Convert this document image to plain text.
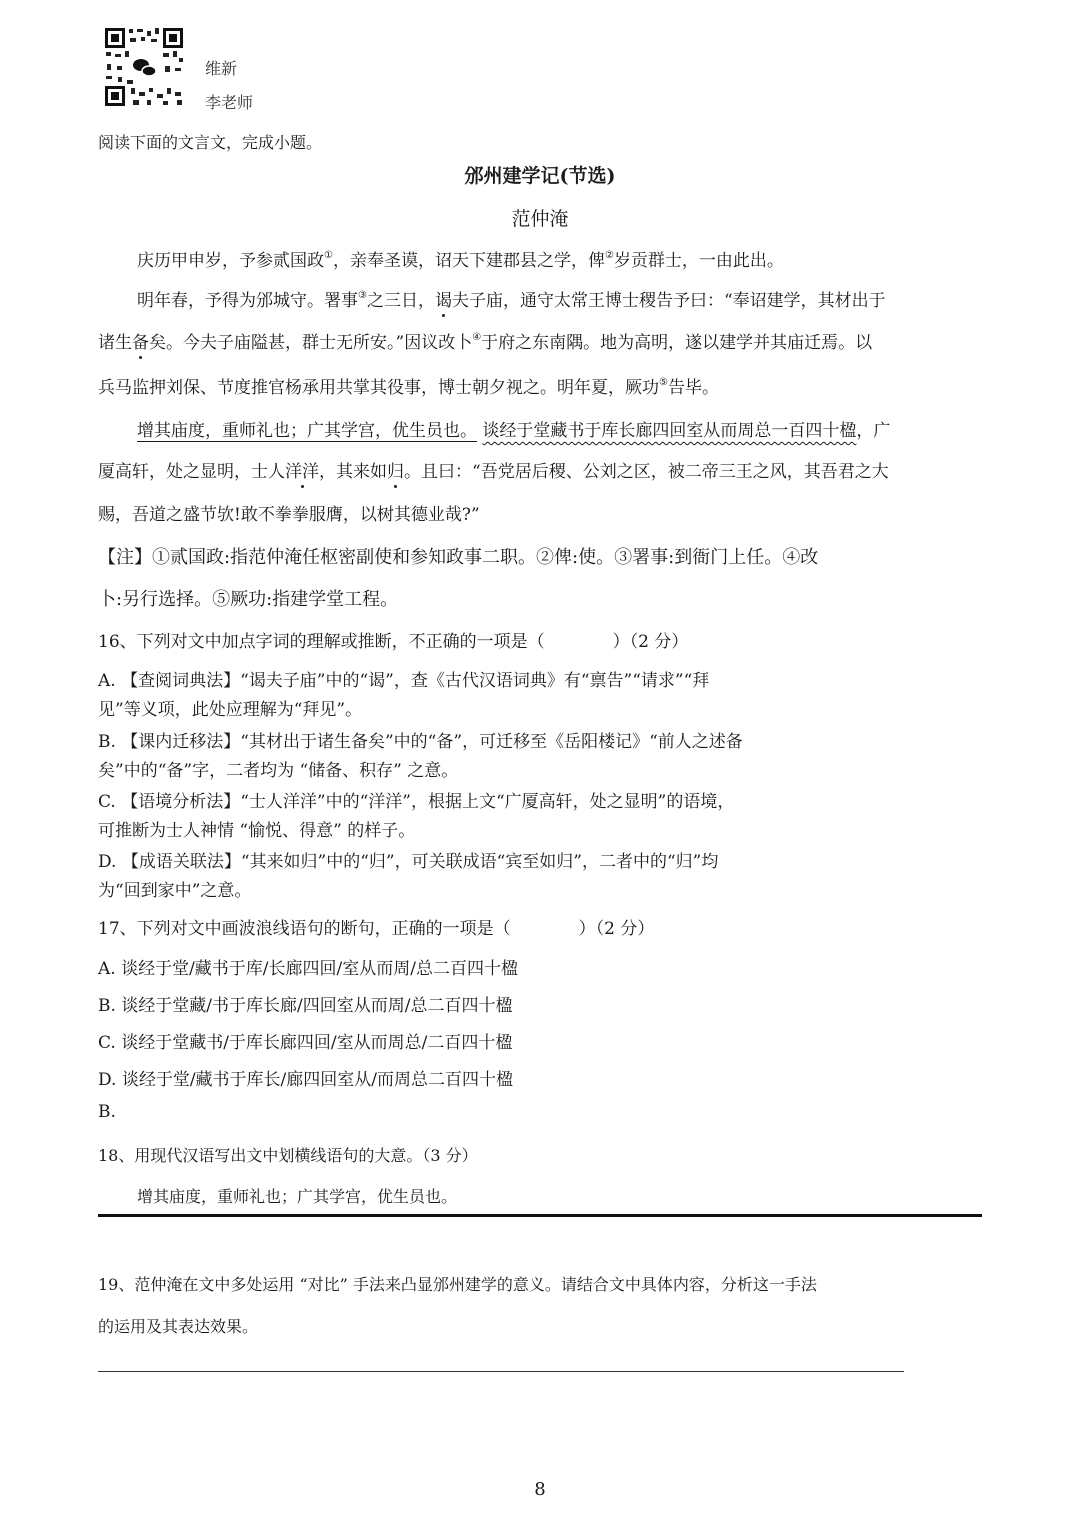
维新
李老师
阅读下面的文言文，完成小题。
邠州建学记(节选)
范仲淹
庆历甲申岁，予参贰国政①，亲奉圣谟，诏天下建郡县之学，俾②岁贡群士，一由此出。
明年春，予得为邠城守。署事③之三日，谒夫子庙，通守太常王博士稷告予曰：“奉诏建学，其材出于
诸生备矣。今夫子庙隘甚，群士无所安。”因议改卜④于府之东南隅。地为高明，遂以建学并其庙迁焉。以
兵马监押刘保、节度推官杨承用共掌其役事，博士朝夕视之。明年夏，厥功⑤告毕。
增其庙度，重师礼也；广其学宫，优生员也。 谈经于堂藏书于库长廊四回室从而周总一百四十楹，广
厦高轩，处之显明，士人洋洋，其来如归。且曰：“吾党居后稷、公刘之区，被二帝三王之风，其吾君之大
赐，吾道之盛节欤!敢不拳拳服膺，以树其德业哉?”
【注】①贰国政:指范仲淹任枢密副使和参知政事二职。②俾:使。③署事:到衙门上任。④改
卜:另行选择。⑤厥功:指建学堂工程。
16、下列对文中加点字词的理解或推断，不正确的一项是（　　　　）（2 分）
A. 【查阅词典法】“谒夫子庙”中的“谒”，查《古代汉语词典》有“禀告”“请求”“拜
见”等义项，此处应理解为“拜见”。
B. 【课内迁移法】“其材出于诸生备矣”中的“备”，可迁移至《岳阳楼记》“前人之述备
矣”中的“备”字，二者均为 “储备、积存” 之意。
C. 【语境分析法】“士人洋洋”中的“洋洋”，根据上文“广厦高轩，处之显明”的语境，
可推断为士人神情 “愉悦、得意” 的样子。
D. 【成语关联法】“其来如归”中的“归”，可关联成语“宾至如归”，二者中的“归”均
为“回到家中”之意。
17、下列对文中画波浪线语句的断句，正确的一项是（　　　　）（2 分）
A. 谈经于堂/藏书于库/长廊四回/室从而周/总二百四十楹
B. 谈经于堂藏/书于库长廊/四回室从而周/总二百四十楹
C. 谈经于堂藏书/于库长廊四回/室从而周总/二百四十楹
D. 谈经于堂/藏书于库长/廊四回室从/而周总二百四十楹
B.
18、用现代汉语写出文中划横线语句的大意。（3 分）
增其庙度，重师礼也；广其学宫，优生员也。
19、范仲淹在文中多处运用 “对比” 手法来凸显邠州建学的意义。请结合文中具体内容，分析这一手法
的运用及其表达效果。
8
